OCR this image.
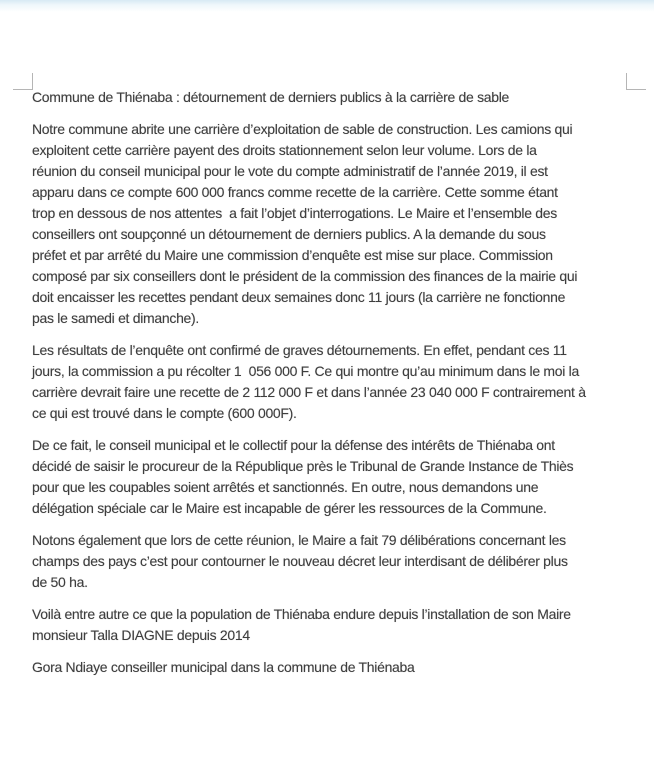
Commune de Thiénaba : détournement de derniers publics à la carrière de sable
Notre commune abrite une carrière d’exploitation de sable de construction. Les camions qui
exploitent cette carrière payent des droits stationnement selon leur volume. Lors de la
réunion du conseil municipal pour le vote du compte administratif de l’année 2019, il est
apparu dans ce compte 600 000 francs comme recette de la carrière. Cette somme étant
trop en dessous de nos attentes  a fait l’objet d’interrogations. Le Maire et l’ensemble des
conseillers ont soupçonné un détournement de derniers publics. A la demande du sous
préfet et par arrêté du Maire une commission d’enquête est mise sur place. Commission
composé par six conseillers dont le président de la commission des finances de la mairie qui
doit encaisser les recettes pendant deux semaines donc 11 jours (la carrière ne fonctionne
pas le samedi et dimanche).
Les résultats de l’enquête ont confirmé de graves détournements. En effet, pendant ces 11
jours, la commission a pu récolter 1  056 000 F. Ce qui montre qu’au minimum dans le moi la
carrière devrait faire une recette de 2 112 000 F et dans l’année 23 040 000 F contrairement à
ce qui est trouvé dans le compte (600 000F).
De ce fait, le conseil municipal et le collectif pour la défense des intérêts de Thiénaba ont
décidé de saisir le procureur de la République près le Tribunal de Grande Instance de Thiès
pour que les coupables soient arrêtés et sanctionnés. En outre, nous demandons une
délégation spéciale car le Maire est incapable de gérer les ressources de la Commune.
Notons également que lors de cette réunion, le Maire a fait 79 délibérations concernant les
champs des pays c’est pour contourner le nouveau décret leur interdisant de délibérer plus
de 50 ha.
Voilà entre autre ce que la population de Thiénaba endure depuis l’installation de son Maire
monsieur Talla DIAGNE depuis 2014
Gora Ndiaye conseiller municipal dans la commune de Thiénaba
